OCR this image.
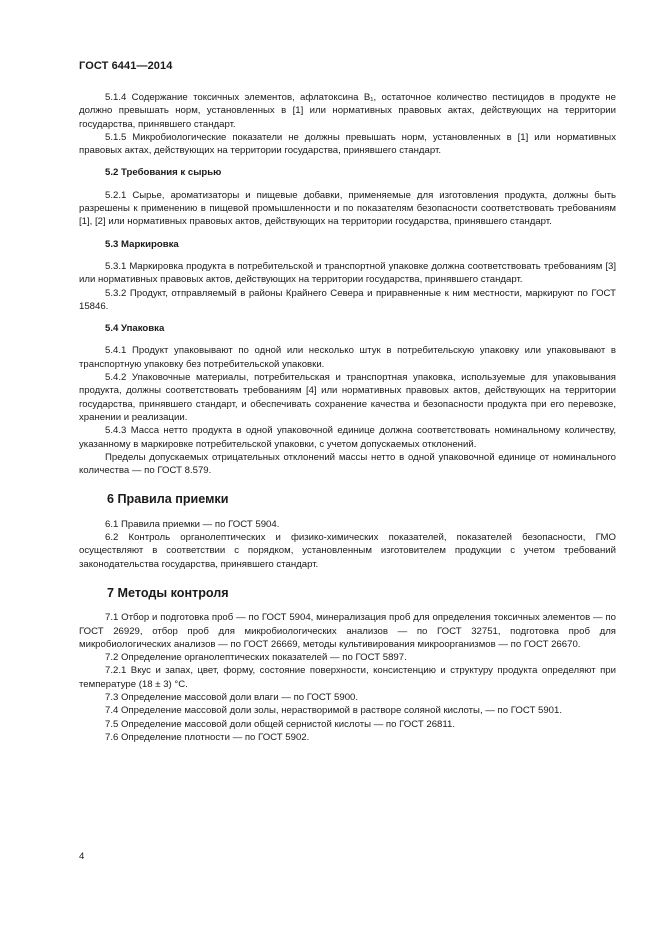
ГОСТ 6441—2014

5.1.4 Содержание токсичных элементов, афлатоксина B₁, остаточное количество пестицидов в продукте не должно превышать норм, установленных в [1] или нормативных правовых актах, действующих на территории государства, принявшего стандарт.

5.1.5 Микробиологические показатели не должны превышать норм, установленных в [1] или нормативных правовых актах, действующих на территории государства, принявшего стандарт.

5.2 Требования к сырью

5.2.1 Сырье, ароматизаторы и пищевые добавки, применяемые для изготовления продукта, должны быть разрешены к применению в пищевой промышленности и по показателям безопасности соответствовать требованиям [1], [2] или нормативных правовых актов, действующих на территории государства, принявшего стандарт.

5.3 Маркировка

5.3.1 Маркировка продукта в потребительской и транспортной упаковке должна соответствовать требованиям [3] или нормативных правовых актов, действующих на территории государства, принявшего стандарт.

5.3.2 Продукт, отправляемый в районы Крайнего Севера и приравненные к ним местности, маркируют по ГОСТ 15846.

5.4 Упаковка

5.4.1 Продукт упаковывают по одной или несколько штук в потребительскую упаковку или упаковывают в транспортную упаковку без потребительской упаковки.

5.4.2 Упаковочные материалы, потребительская и транспортная упаковка, используемые для упаковывания продукта, должны соответствовать требованиям [4] или нормативных правовых актов, действующих на территории государства, принявшего стандарт, и обеспечивать сохранение качества и безопасности продукта при его перевозке, хранении и реализации.

5.4.3 Масса нетто продукта в одной упаковочной единице должна соответствовать номинальному количеству, указанному в маркировке потребительской упаковки, с учетом допускаемых отклонений.

Пределы допускаемых отрицательных отклонений массы нетто в одной упаковочной единице от номинального количества — по ГОСТ 8.579.

6 Правила приемки

6.1 Правила приемки — по ГОСТ 5904.

6.2 Контроль органолептических и физико-химических показателей, показателей безопасности, ГМО осуществляют в соответствии с порядком, установленным изготовителем продукции с учетом требований законодательства государства, принявшего стандарт.

7 Методы контроля

7.1 Отбор и подготовка проб — по ГОСТ 5904, минерализация проб для определения токсичных элементов — по ГОСТ 26929, отбор проб для микробиологических анализов — по ГОСТ 32751, подготовка проб для микробиологических анализов — по ГОСТ 26669, методы культивирования микроорганизмов — по ГОСТ 26670.

7.2 Определение органолептических показателей — по ГОСТ 5897.

7.2.1 Вкус и запах, цвет, форму, состояние поверхности, консистенцию и структуру продукта определяют при температуре (18 ± 3) °С.

7.3 Определение массовой доли влаги — по ГОСТ 5900.

7.4 Определение массовой доли золы, нерастворимой в растворе соляной кислоты, — по ГОСТ 5901.

7.5 Определение массовой доли общей сернистой кислоты — по ГОСТ 26811.

7.6 Определение плотности — по ГОСТ 5902.

4
